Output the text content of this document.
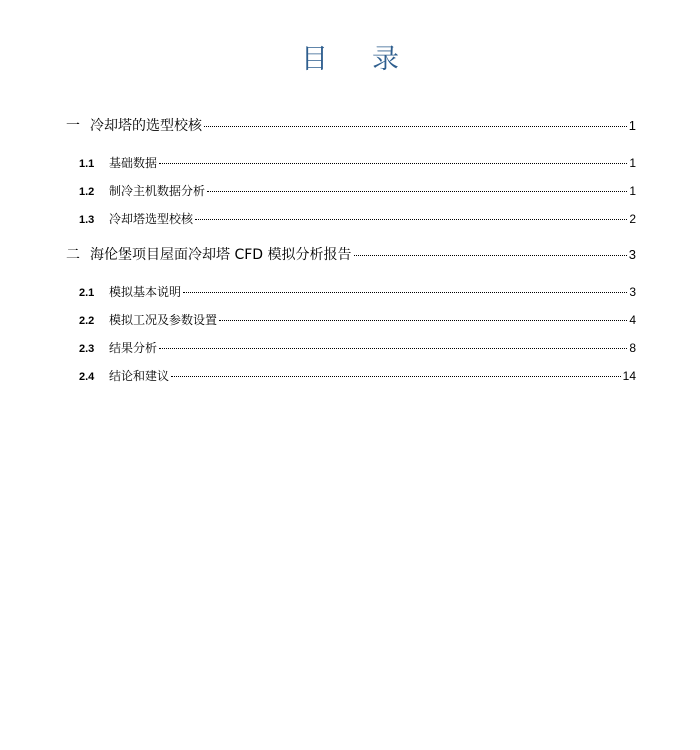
目 录
一 冷却塔的选型校核	1
1.1	基础数据	1
1.2	制冷主机数据分析	1
1.3	冷却塔选型校核	2
二 海伦堡项目屋面冷却塔 CFD 模拟分析报告	3
2.1	模拟基本说明	3
2.2	模拟工况及参数设置	4
2.3	结果分析	8
2.4	结论和建议	14
